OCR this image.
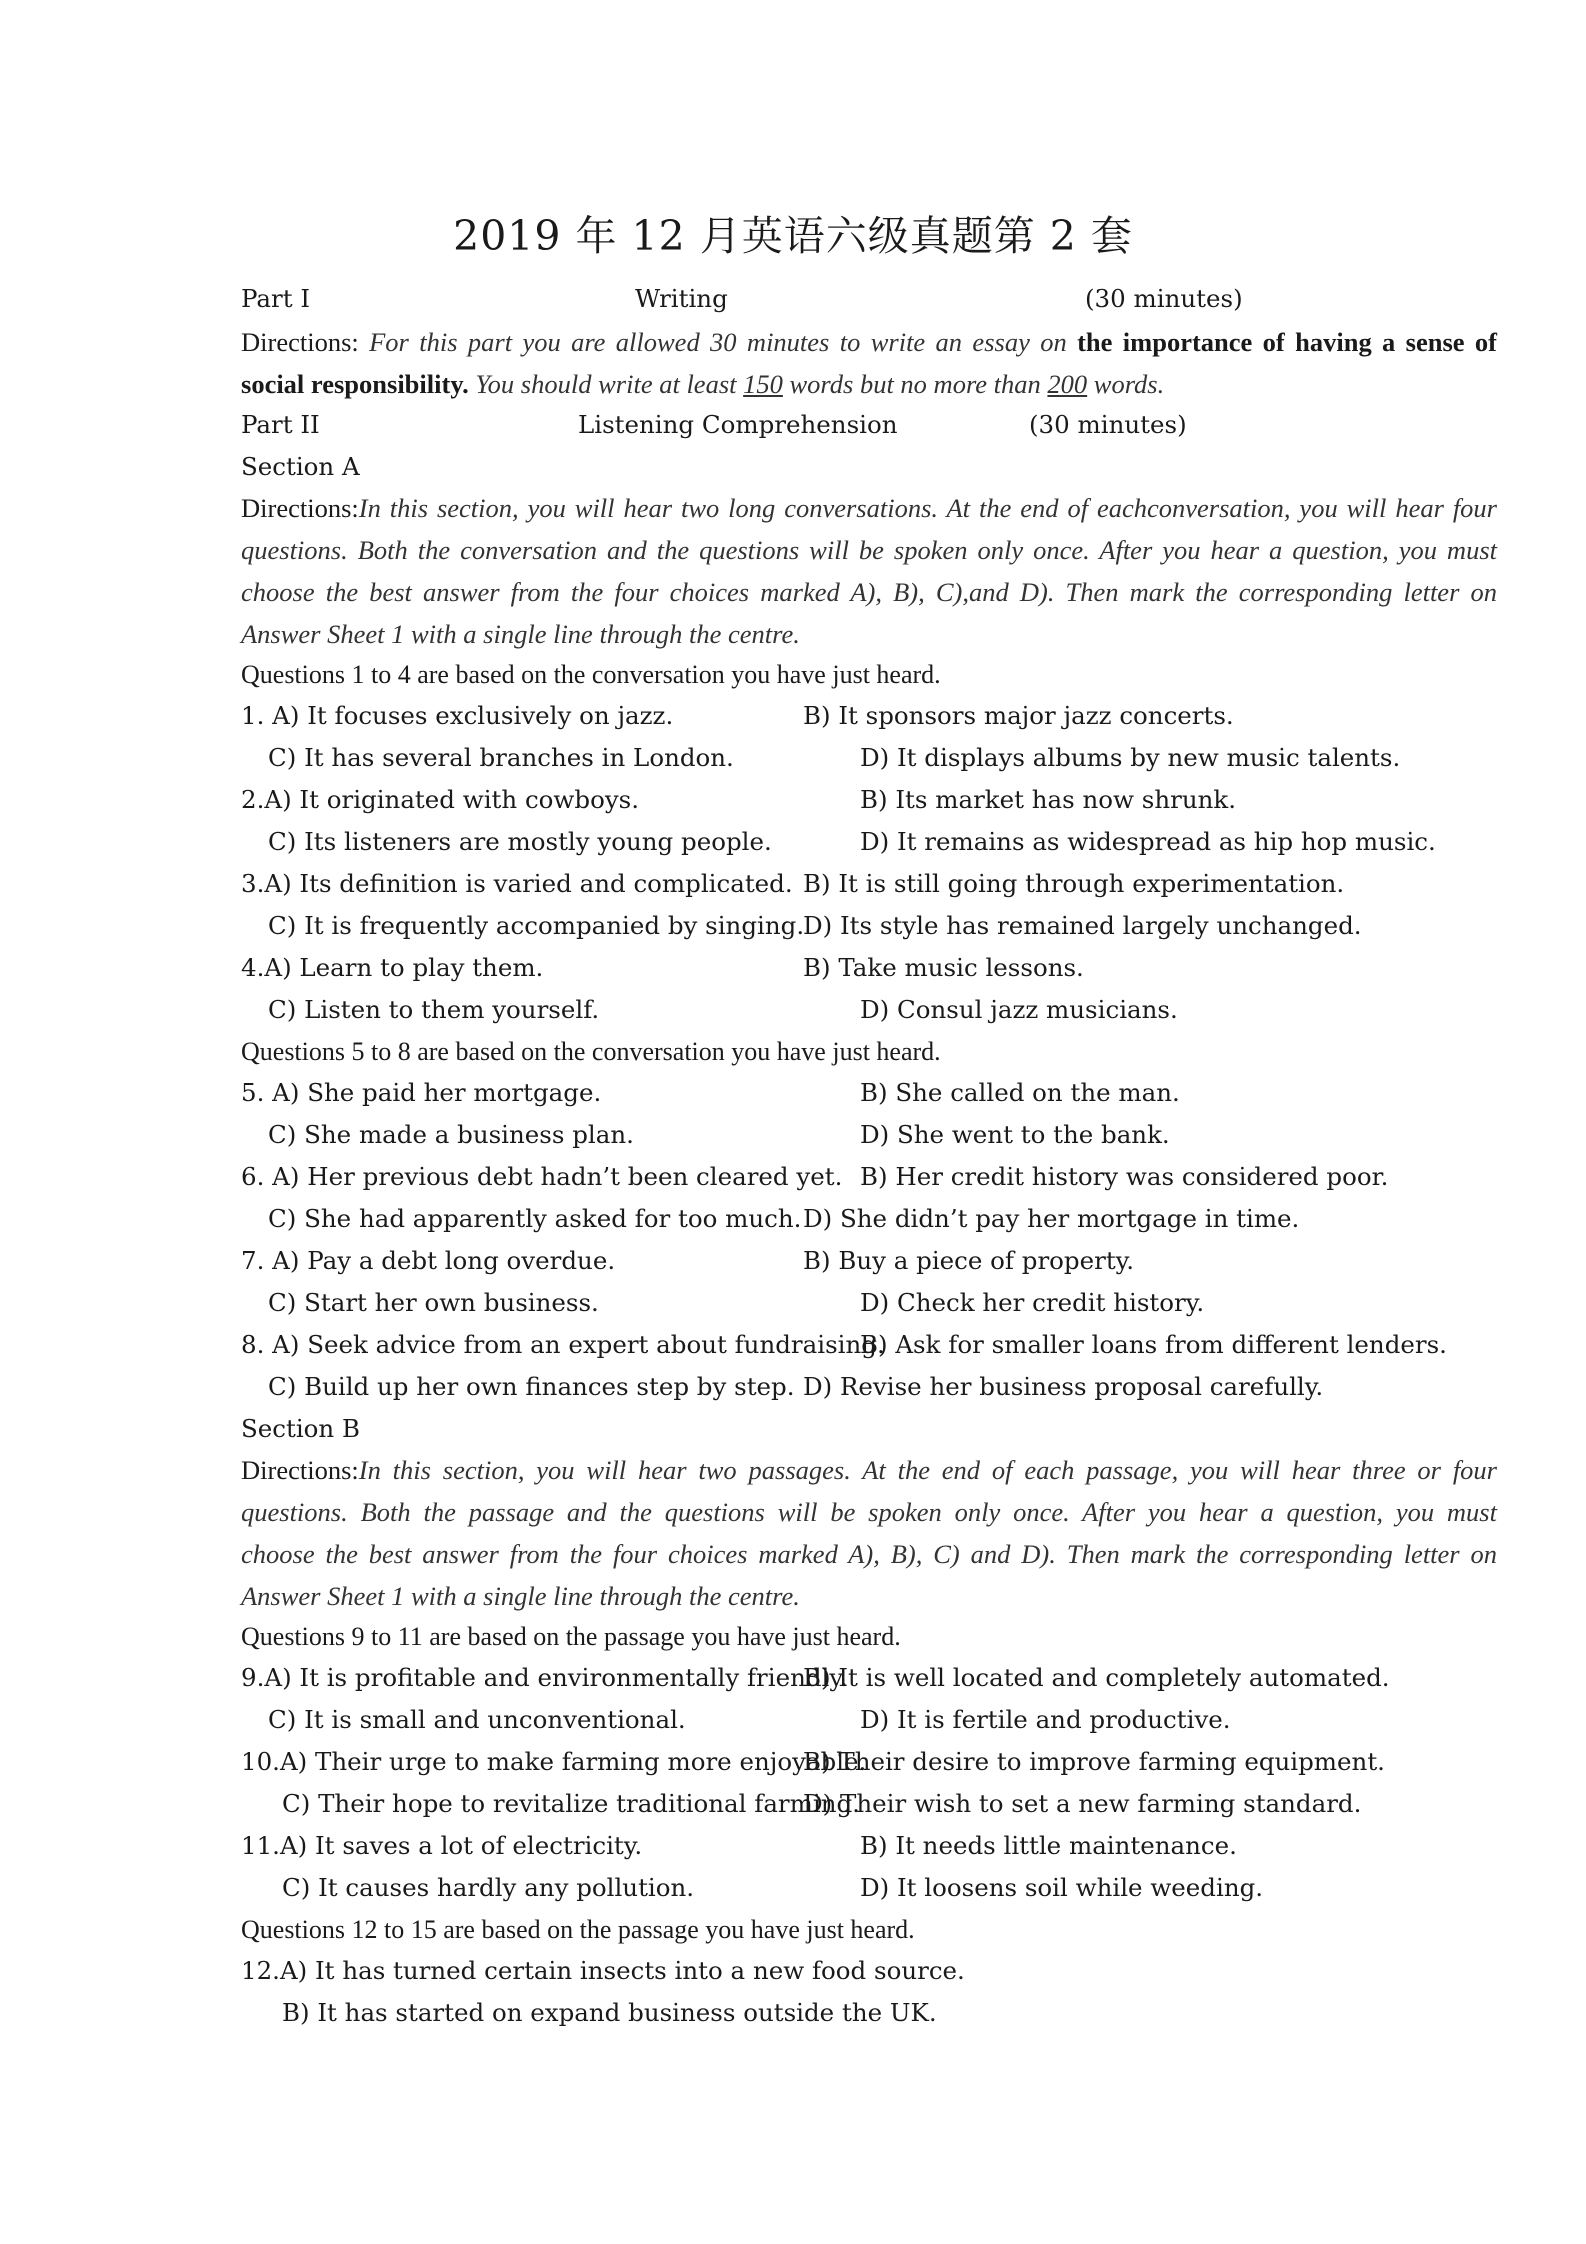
2019 年 12 月英语六级真题第 2 套
Part I	Writing	(30 minutes)
Directions: For this part you are allowed 30 minutes to write an essay on the importance of having a sense of
social responsibility. You should write at least 150 words but no more than 200 words.
Part II	Listening Comprehension	(30 minutes)
Section A
Directions:In this section, you will hear two long conversations. At the end of eachconversation, you will hear four
questions. Both the conversation and the questions will be spoken only once. After you hear a question, you must
choose the best answer from the four choices marked A), B), C),and D). Then mark the corresponding letter on
Answer Sheet 1 with a single line through the centre.
Questions 1 to 4 are based on the conversation you have just heard.
1. A) It focuses exclusively on jazz.	B) It sponsors major jazz concerts.
C) It has several branches in London.	D) It displays albums by new music talents.
2.A) It originated with cowboys.	B) Its market has now shrunk.
C) Its listeners are mostly young people.	D) It remains as widespread as hip hop music.
3.A) Its definition is varied and complicated. B) It is still going through experimentation.
C) It is frequently accompanied by singing.
D) Its style has remained largely unchanged.
4.A) Learn to play them.	B) Take music lessons.
C) Listen to them yourself.	D) Consul jazz musicians.
Questions 5 to 8 are based on the conversation you have just heard.
5. A) She paid her mortgage.	B) She called on the man.
C) She made a business plan.	D) She went to the bank.
6. A) Her previous debt hadn’t been cleared yet. B) Her credit history was considered poor.
C) She had apparently asked for too much. D) She didn’t pay her mortgage in time.
7. A) Pay a debt long overdue.	B) Buy a piece of property.
C) Start her own business.	D) Check her credit history.
8. A) Seek advice from an expert about fundraising.
B) Ask for smaller loans from different lenders.
C) Build up her own finances step by step. D) Revise her business proposal carefully.
Section B
Directions:In this section, you will hear two passages. At the end of each passage, you will hear three or four
questions. Both the passage and the questions will be spoken only once. After you hear a question, you must
choose the best answer from the four choices marked A), B), C) and D). Then mark the corresponding letter on
Answer Sheet 1 with a single line through the centre.
Questions 9 to 11 are based on the passage you have just heard.
9.A) It is profitable and environmentally friendly.
B) It is well located and completely automated.
C) It is small and unconventional.	D) It is fertile and productive.
10.A) Their urge to make farming more enjoyable.
B) Their desire to improve farming equipment.
C) Their hope to revitalize traditional farming.
D) Their wish to set a new farming standard.
11.A) It saves a lot of electricity.	B) It needs little maintenance.
C) It causes hardly any pollution.	D) It loosens soil while weeding.
Questions 12 to 15 are based on the passage you have just heard.
12.A) It has turned certain insects into a new food source.
B) It has started on expand business outside the UK.
